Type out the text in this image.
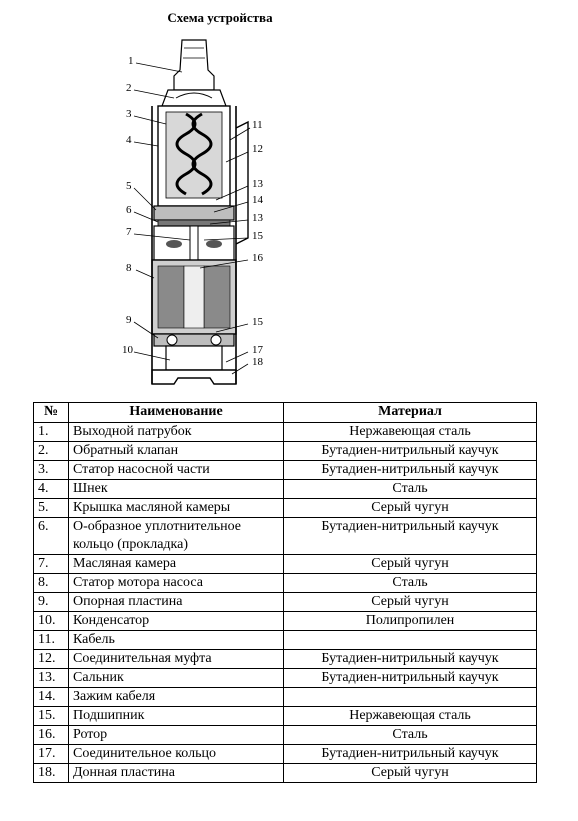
Схема устройства
1
2
3
4
5
6
7
8
9
10
11
12
13
14
13
15
16
15
17
18
№	Наименование	Материал
1.	Выходной патрубок	Нержавеющая сталь
2.	Обратный клапан	Бутадиен-нитрильный каучук
3.	Статор насосной части	Бутадиен-нитрильный каучук
4.	Шнек	Сталь
5.	Крышка масляной камеры	Серый чугун
6.	О-образное уплотнительное кольцо (прокладка)	Бутадиен-нитрильный каучук
7.	Масляная камера	Серый чугун
8.	Статор мотора насоса	Сталь
9.	Опорная пластина	Серый чугун
10.	Конденсатор	Полипропилен
11.	Кабель	
12.	Соединительная муфта	Бутадиен-нитрильный каучук
13.	Сальник	Бутадиен-нитрильный каучук
14.	Зажим кабеля	
15.	Подшипник	Нержавеющая сталь
16.	Ротор	Сталь
17.	Соединительное кольцо	Бутадиен-нитрильный каучук
18.	Донная пластина	Серый чугун
